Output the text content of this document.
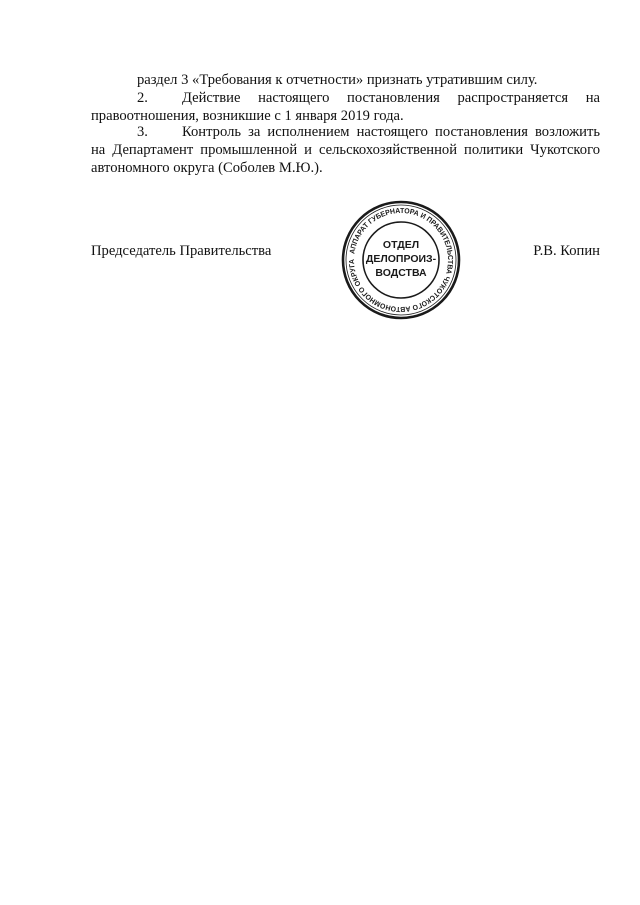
раздел 3 «Требования к отчетности» признать утратившим силу.

2. Действие настоящего постановления распространяется на правоотношения, возникшие с 1 января 2019 года.

3. Контроль за исполнением настоящего постановления возложить на Департамент промышленной и сельскохозяйственной политики Чукотского автономного округа (Соболев М.Ю.).

Председатель Правительства	АППАРАТ ГУБЕРНАТОРА И ПРАВИТЕЛЬСТВА ЧУКОТСКОГО АВТОНОМНОГО ОКРУГА
ОТДЕЛ
ДЕЛОПРОИЗ-
ВОДСТВА
Р.В. Копин
